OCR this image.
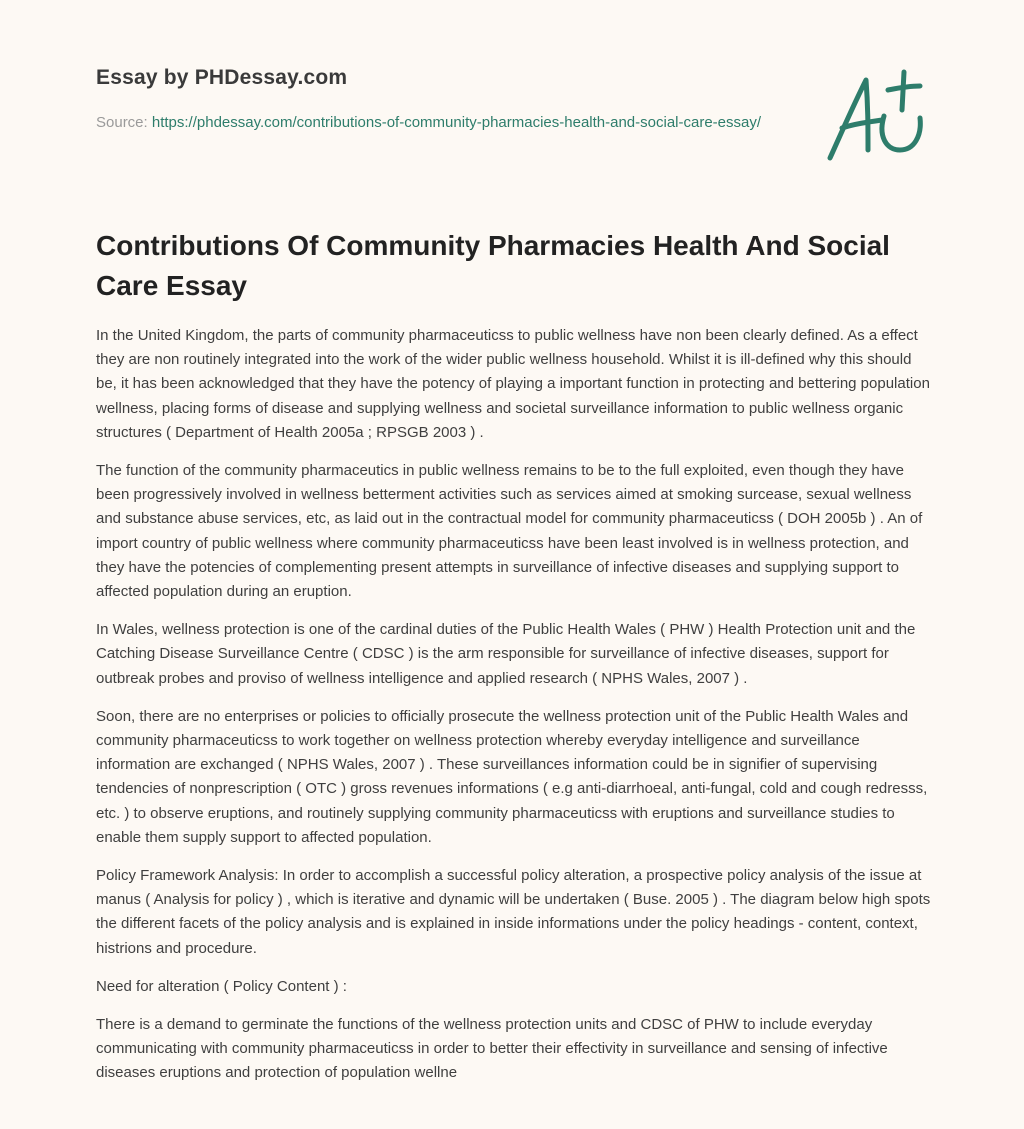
Essay by PHDessay.com
Source: https://phdessay.com/contributions-of-community-pharmacies-health-and-social-care-essay/
Contributions Of Community Pharmacies Health And Social Care Essay

In the United Kingdom, the parts of community pharmaceuticss to public wellness have non been clearly defined. As a effect they are non routinely integrated into the work of the wider public wellness household. Whilst it is ill-defined why this should be, it has been acknowledged that they have the potency of playing a important function in protecting and bettering population wellness, placing forms of disease and supplying wellness and societal surveillance information to public wellness organic structures ( Department of Health 2005a ; RPSGB 2003 ) .

The function of the community pharmaceutics in public wellness remains to be to the full exploited, even though they have been progressively involved in wellness betterment activities such as services aimed at smoking surcease, sexual wellness and substance abuse services, etc, as laid out in the contractual model for community pharmaceuticss ( DOH 2005b ) . An of import country of public wellness where community pharmaceuticss have been least involved is in wellness protection, and they have the potencies of complementing present attempts in surveillance of infective diseases and supplying support to affected population during an eruption.

In Wales, wellness protection is one of the cardinal duties of the Public Health Wales ( PHW ) Health Protection unit and the Catching Disease Surveillance Centre ( CDSC ) is the arm responsible for surveillance of infective diseases, support for outbreak probes and proviso of wellness intelligence and applied research ( NPHS Wales, 2007 ) .

Soon, there are no enterprises or policies to officially prosecute the wellness protection unit of the Public Health Wales and community pharmaceuticss to work together on wellness protection whereby everyday intelligence and surveillance information are exchanged ( NPHS Wales, 2007 ) . These surveillances information could be in signifier of supervising tendencies of nonprescription ( OTC ) gross revenues informations ( e.g anti-diarrhoeal, anti-fungal, cold and cough redresss, etc. ) to observe eruptions, and routinely supplying community pharmaceuticss with eruptions and surveillance studies to enable them supply support to affected population.

Policy Framework Analysis: In order to accomplish a successful policy alteration, a prospective policy analysis of the issue at manus ( Analysis for policy ) , which is iterative and dynamic will be undertaken ( Buse. 2005 ) . The diagram below high spots the different facets of the policy analysis and is explained in inside informations under the policy headings - content, context, histrions and procedure.

Need for alteration ( Policy Content ) :

There is a demand to germinate the functions of the wellness protection units and CDSC of PHW to include everyday communicating with community pharmaceuticss in order to better their effectivity in surveillance and sensing of infective diseases eruptions and protection of population wellne
